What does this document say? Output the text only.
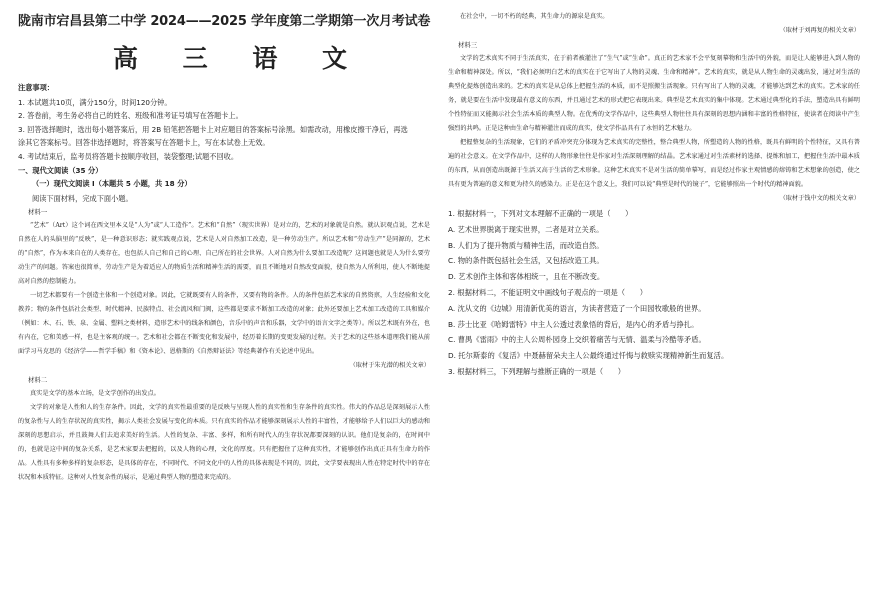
陇南市宕昌县第二中学 2024——2025 学年度第二学期第一次月考试卷
高 三 语 文
注意事项：
1. 本试题共10页，满分150分，时间120分钟。
2. 答卷前，考生务必将自己的姓名、班级和准考证号填写在答题卡上。
3. 回答选择题时，选出每小题答案后，用 2B 铅笔把答题卡上对应题目的答案标号涂黑。如需改动，用橡皮擦干净后，再选
涂其它答案标号。回答非选择题时，将答案写在答题卡上，写在本试卷上无效。
4. 考试结束后，监考员将答题卡按顺序收回，装袋整理;试题不回收。
一、现代文阅读（35 分）
（一）现代文阅读 I（本题共 5 小题，共 18 分）
阅读下面材料，完成下面小题。
材料一

“艺术”（Art）这个词在西文里本义是“人为”或“人工造作”。艺术和“自然”（现实世界）是对立的，艺术的对象就是自然。就认识观点说，艺术是自然在人的头脑里的“反映”，是一种意识形态；就实践观点说，艺术是人对自然加工改造，是一种劳动生产。所以艺术和“劳动生产”是同源的，艺术的“自然”，作为本来自在的人类存在，也包括人自己和自己的心理、自己所在的社会世界。人对自然为什么要加工改造呢？这问题也就是人为什么要劳动生产的问题。答案也很简单，劳动生产是为着适应人的物质生活和精神生活的需要，而且不断地对自然改变面貌，使自然为人所利用，使人不断地提高对自然的控制能力。

一切艺术都要有一个创造主体和一个创造对象。因此，它就既要有人的条件，又要有物的条件。人的条件包括艺术家的自然资禀，人生经验和文化教养；物的条件包括社会类型、时代精神、民族特点、社会流风和门阀，这些都是要求不断加工改造的对象；此外还要加上艺术加工改造的工具和媒介（例如：木、石、铁、泉、金属、塑料之类材料，造形艺术中的线条和颜色，音乐中的声音和乐器，文学中的语言文字之类等）。所以艺术既有外在，也有内在，它和美感一样，也是主客观的统一。艺术和社会都在不断变化和发展中，经历着长期的变更发展的过程。关于艺术的这些基本道理我们能从前面学习马克思的《经济学——哲学手稿》和《资本论》、恩格斯的《自然辩证法》等经典著作有关论述中见出。

（取材于朱光潜的相关文章）
材料二

真实是文学的基本立场，是文学创作的出发点。

文学的对象是人性和人的生存条件。因此，文学的真实性最重要的是反映与呈现人性的真实性和生存条件的真实性。伟大的作品总是深刻展示人性的复杂性与人的生存状况的真实性，揭示人类社会发展与变化的本质。只有真实的作品才能够深刻展示人性的丰富性，才能够给予人们以巨大的感动和深刻的思想启示，并且鼓舞人们去追求美好的生活。人性的复杂、丰富、多样，和所有时代人的生存状况都要深刻的认识。他们是复杂的，在时间中的，也就是这中间的复杂关系，是艺术家要去把握的，以及人物的心理，文化的厚度。只有把握住了这种真实性，才能够创作出真正具有生命力的作品。人性具有多种多样的复杂形态，是具体的存在，不同时代、不同文化中的人性的具体表现是不同的，因此，文学要表现出人性在特定时代中的存在状况和本质特征。这种对人性复杂性的展示，是通过典型人物的塑造来完成的。

在社会中，一切不朽的经典，其生命力的源泉是真实。

（取材于刘再复的相关文章）
材料三

文学的艺术真实不同于生活真实，在于前者被灌注了“生气”或“生命”。真正的艺术家不会平复刻摹物和生活中的外貌，而是让人能够进入到人物的生命和精神深处。所以，“我们必须明白艺术的真实在于它写出了人物的灵魂、生命和精神”。艺术的真实，就是从人物生命的灵魂出发，通过对生活的典型化提炼创造出来的。艺术的真实是从总体上把握生活的本质，而不是照搬生活现象。只有写出了人物的灵魂，才能够达到艺术的真实。艺术家的任务，就是要在生活中发现最有意义的东西，并且通过艺术的形式把它表现出来。典型是艺术真实的集中体现。艺术通过典型化的手法，塑造出具有鲜明个性特征而又能揭示社会生活本质的典型人物。在优秀的文学作品中，这些典型人物往往具有深刻的思想内涵和丰富的性格特征，使读者在阅读中产生强烈的共鸣。正是这种由生命与精神灌注而成的真实，使文学作品具有了永恒的艺术魅力。

把握整复杂的生活现象，它们的矛盾冲突充分体现为艺术真实的完整性，整合典型人物，所塑造的人物的性格，既具有鲜明的个性特征，又具有普遍的社会意义。在文学作品中，这样的人物形象往往是作家对生活深刻理解的结晶。艺术家通过对生活素材的选择、提炼和加工，把握住生活中最本质的东西，从而创造出既源于生活又高于生活的艺术形象。这种艺术真实不是对生活的简单摹写，而是经过作家主观情感的熔铸和艺术想象的创造，使之具有更为普遍的意义和更为持久的感染力。正是在这个意义上，我们可以说“典型是时代的镜子”，它能够照出一个时代的精神面貌。

（取材于钱中文的相关文章）
1. 根据材料一，下列对文本理解不正确的一项是（　　）
A. 艺术世界脱离于现实世界，二者是对立关系。
B. 人们为了提升物质与精神生活，而改造自然。
C. 物的条件既包括社会生活，又包括改造工具。
D. 艺术创作主体和客体相统一，且在不断改变。
2. 根据材料二，不能证明文中画线句子观点的一项是（　　）
A. 沈从文的《边城》用清新优美的语言，为读者营造了一个田园牧歌般的世界。
B. 莎士比亚《哈姆雷特》中主人公透过表象悟的背后，是内心的矛盾与挣扎。
C. 曹禺《雷雨》中的主人公周朴园身上交织着痛苦与无情、温柔与冷酷等矛盾。
D. 托尔斯泰的《复活》中聂赫留朵夫主人公最终通过忏悔与救赎实现精神新生而复活。
3. 根据材料三，下列理解与推断正确的一项是（　　）
